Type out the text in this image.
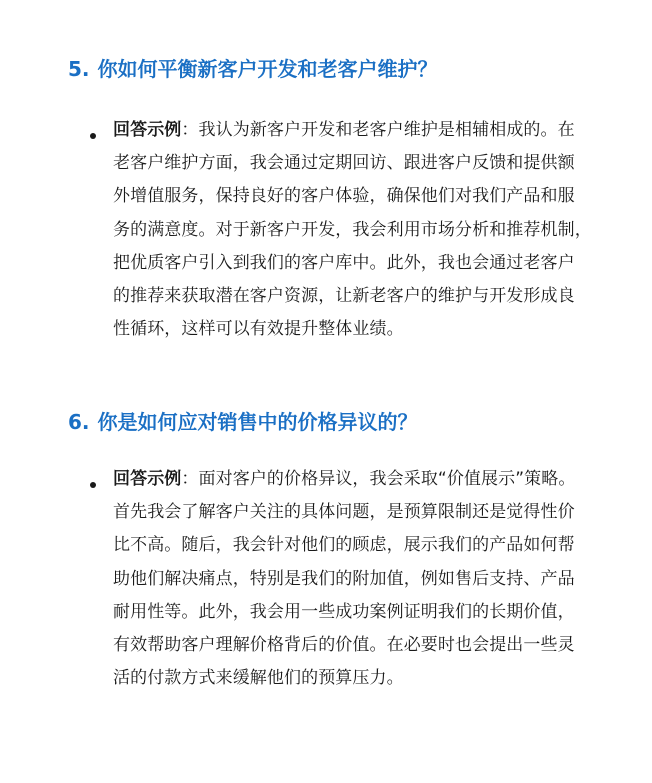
5. 你如何平衡新客户开发和老客户维护？

回答示例：我认为新客户开发和老客户维护是相辅相成的。在
老客户维护方面，我会通过定期回访、跟进客户反馈和提供额
外增值服务，保持良好的客户体验，确保他们对我们产品和服
务的满意度。对于新客户开发，我会利用市场分析和推荐机制，
把优质客户引入到我们的客户库中。此外，我也会通过老客户
的推荐来获取潜在客户资源，让新老客户的维护与开发形成良
性循环，这样可以有效提升整体业绩。

6. 你是如何应对销售中的价格异议的？

回答示例：面对客户的价格异议，我会采取“价值展示”策略。
首先我会了解客户关注的具体问题，是预算限制还是觉得性价
比不高。随后，我会针对他们的顾虑，展示我们的产品如何帮
助他们解决痛点，特别是我们的附加值，例如售后支持、产品
耐用性等。此外，我会用一些成功案例证明我们的长期价值，
有效帮助客户理解价格背后的价值。在必要时也会提出一些灵
活的付款方式来缓解他们的预算压力。
